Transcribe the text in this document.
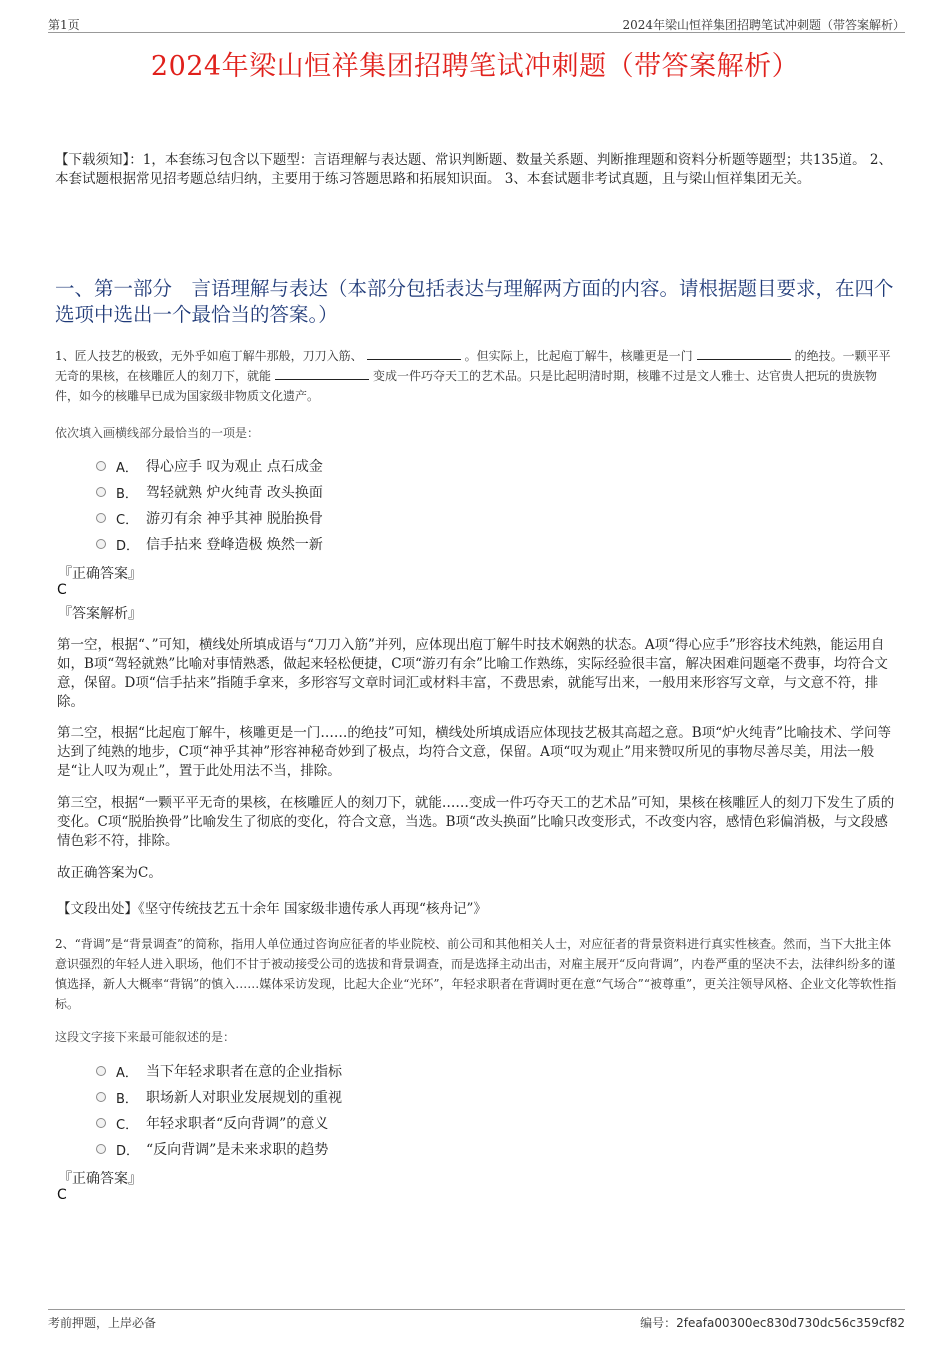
第1页	2024年梁山恒祥集团招聘笔试冲刺题（带答案解析）
2024年梁山恒祥集团招聘笔试冲刺题（带答案解析）
【下载须知】：1，本套练习包含以下题型：言语理解与表达题、常识判断题、数量关系题、判断推理题和资料分析题等题型；共135道。 2、本套试题根据常见招考题总结归纳，主要用于练习答题思路和拓展知识面。 3、本套试题非考试真题，且与梁山恒祥集团无关。
一、第一部分　言语理解与表达（本部分包括表达与理解两方面的内容。请根据题目要求，在四个选项中选出一个最恰当的答案。）
1、匠人技艺的极致，无外乎如庖丁解牛那般，刀刀入筋、	。但实际上，比起庖丁解牛，核雕更是一门	的绝技。一颗平平无奇的果核，在核雕匠人的刻刀下，就能	变成一件巧夺天工的艺术品。只是比起明清时期，核雕不过是文人雅士、达官贵人把玩的贵族物件，如今的核雕早已成为国家级非物质文化遗产。
依次填入画横线部分最恰当的一项是：
A． 得心应手 叹为观止 点石成金
B． 驾轻就熟 炉火纯青 改头换面
C． 游刃有余 神乎其神 脱胎换骨
D． 信手拈来 登峰造极 焕然一新
『正确答案』
C
『答案解析』
第一空，根据“、”可知，横线处所填成语与“刀刀入筋”并列，应体现出庖丁解牛时技术娴熟的状态。A项“得心应手”形容技术纯熟，能运用自如，B项“驾轻就熟”比喻对事情熟悉，做起来轻松便捷，C项“游刃有余”比喻工作熟练，实际经验很丰富，解决困难问题毫不费事，均符合文意，保留。D项“信手拈来”指随手拿来，多形容写文章时词汇或材料丰富，不费思索，就能写出来，一般用来形容写文章，与文意不符，排除。
第二空，根据“比起庖丁解牛，核雕更是一门……的绝技”可知，横线处所填成语应体现技艺极其高超之意。B项“炉火纯青”比喻技术、学问等达到了纯熟的地步，C项“神乎其神”形容神秘奇妙到了极点，均符合文意，保留。A项“叹为观止”用来赞叹所见的事物尽善尽美，用法一般是“让人叹为观止”，置于此处用法不当，排除。
第三空，根据“一颗平平无奇的果核，在核雕匠人的刻刀下，就能……变成一件巧夺天工的艺术品”可知，果核在核雕匠人的刻刀下发生了质的变化。C项“脱胎换骨”比喻发生了彻底的变化，符合文意，当选。B项“改头换面”比喻只改变形式，不改变内容，感情色彩偏消极，与文段感情色彩不符，排除。
故正确答案为C。
【文段出处】《坚守传统技艺五十余年 国家级非遗传承人再现“核舟记”》
2、“背调”是“背景调查”的简称，指用人单位通过咨询应征者的毕业院校、前公司和其他相关人士，对应征者的背景资料进行真实性核查。然而，当下大批主体意识强烈的年轻人进入职场，他们不甘于被动接受公司的选拔和背景调查，而是选择主动出击，对雇主展开“反向背调”，内卷严重的坚决不去，法律纠纷多的谨慎选择，新人大概率“背锅”的慎入……媒体采访发现，比起大企业“光环”，年轻求职者在背调时更在意“气场合”“被尊重”，更关注领导风格、企业文化等软性指标。
这段文字接下来最可能叙述的是：
A． 当下年轻求职者在意的企业指标
B． 职场新人对职业发展规划的重视
C． 年轻求职者“反向背调”的意义
D． “反向背调”是未来求职的趋势
『正确答案』
C
考前押题，上岸必备	编号：2feafa00300ec830d730dc56c359cf82
